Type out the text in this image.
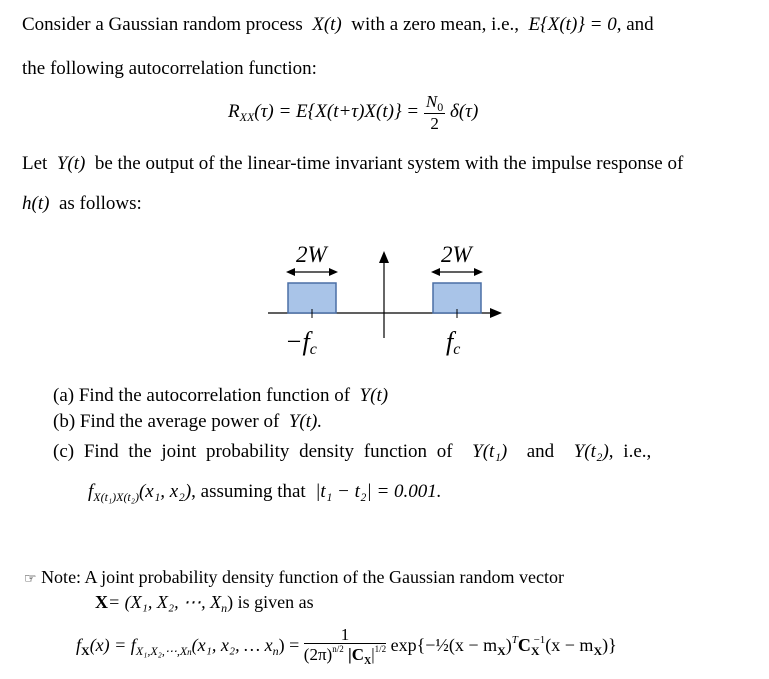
Consider a Gaussian random process X(t) with a zero mean, i.e., E{X(t)} = 0, and
the following autocorrelation function:
$R_{XX}(\tau) = E\{X(t+\tau)X(t)\} = \frac{N_0}{2} \delta(\tau)$
Let Y(t) be the output of the linear-time invariant system with the impulse response of
h(t) as follows:
2W	2W
−fc	fc
(a) Find the autocorrelation function of Y(t)
(b) Find the average power of Y(t).
(c) Find the joint probability density function of Y(t₁) and Y(t₂), i.e.,
$f_{X(t_1)X(t_2)}(x_1$, x₂), assuming that |t₁ − t₂| = 0.001.
☞ Note: A joint probability density function of the Gaussian random vector
X= (X₁, X₂, ⋯, $X_n$) is given as
$f_X(x) = f_{X_1,X_2,\cdots,Xn}(x_1$, x₂, … $x_n) = \frac{1}{(2\pi)^{n/2} |C_X|^{1/2}}$ exp{−½(x − $m_X)^TC_X^{-1}(x - m_X)$}
